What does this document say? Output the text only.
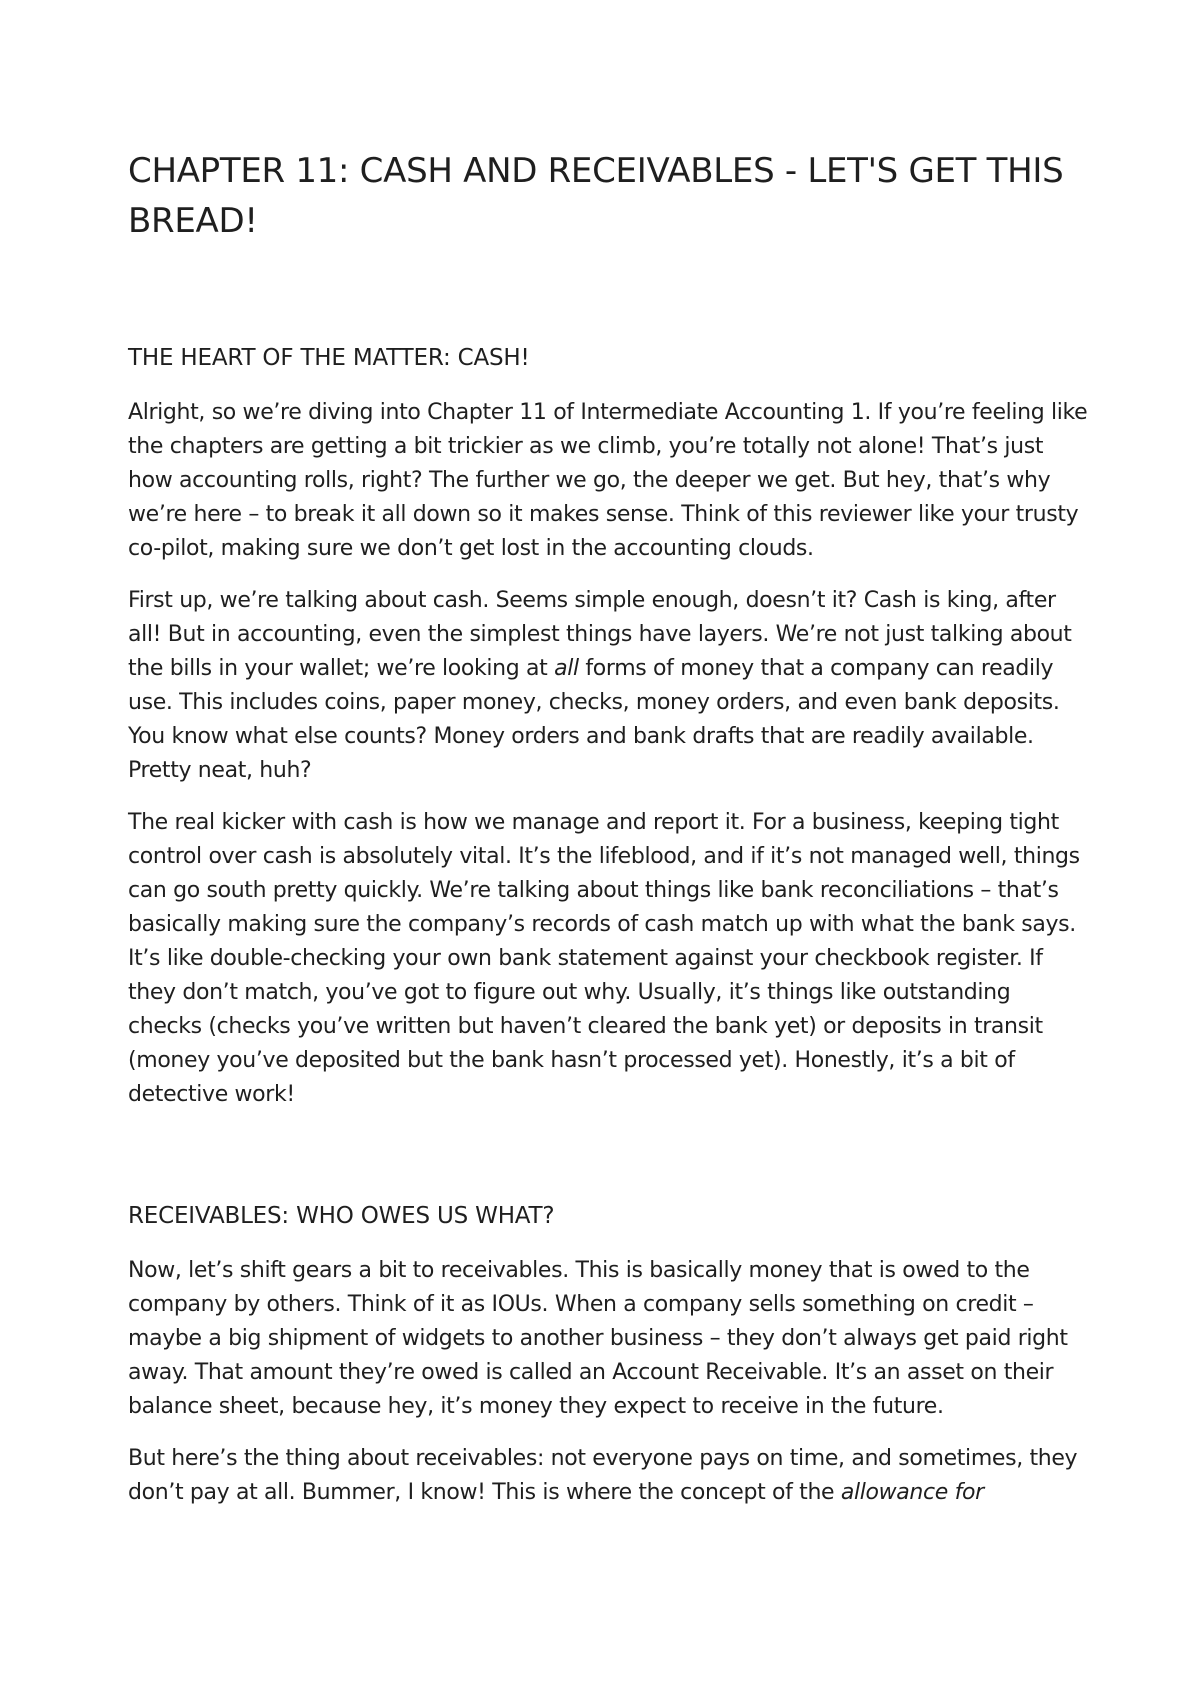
CHAPTER 11: CASH AND RECEIVABLES - LET'S GET THIS BREAD!
THE HEART OF THE MATTER: CASH!

Alright, so we’re diving into Chapter 11 of Intermediate Accounting 1. If you’re feeling like the chapters are getting a bit trickier as we climb, you’re totally not alone! That’s just how accounting rolls, right? The further we go, the deeper we get. But hey, that’s why we’re here – to break it all down so it makes sense. Think of this reviewer like your trusty co-pilot, making sure we don’t get lost in the accounting clouds.

First up, we’re talking about cash. Seems simple enough, doesn’t it? Cash is king, after all! But in accounting, even the simplest things have layers. We’re not just talking about the bills in your wallet; we’re looking at all forms of money that a company can readily use. This includes coins, paper money, checks, money orders, and even bank deposits. You know what else counts? Money orders and bank drafts that are readily available. Pretty neat, huh?

The real kicker with cash is how we manage and report it. For a business, keeping tight control over cash is absolutely vital. It’s the lifeblood, and if it’s not managed well, things can go south pretty quickly. We’re talking about things like bank reconciliations – that’s basically making sure the company’s records of cash match up with what the bank says. It’s like double-checking your own bank statement against your checkbook register. If they don’t match, you’ve got to figure out why. Usually, it’s things like outstanding checks (checks you’ve written but haven’t cleared the bank yet) or deposits in transit (money you’ve deposited but the bank hasn’t processed yet). Honestly, it’s a bit of detective work!

RECEIVABLES: WHO OWES US WHAT?

Now, let’s shift gears a bit to receivables. This is basically money that is owed to the company by others. Think of it as IOUs. When a company sells something on credit – maybe a big shipment of widgets to another business – they don’t always get paid right away. That amount they’re owed is called an Account Receivable. It’s an asset on their balance sheet, because hey, it’s money they expect to receive in the future.

But here’s the thing about receivables: not everyone pays on time, and sometimes, they don’t pay at all. Bummer, I know! This is where the concept of the allowance for
